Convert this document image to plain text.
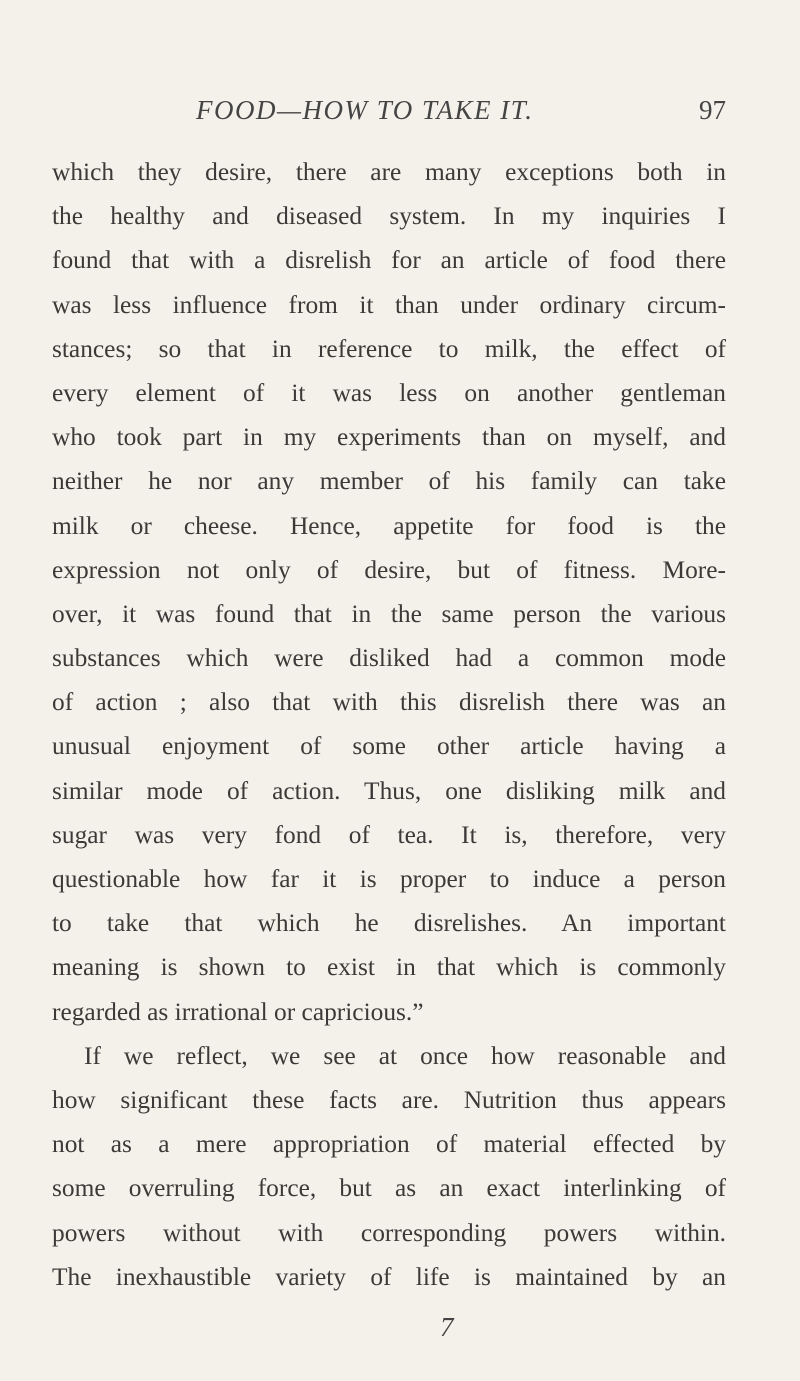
FOOD—HOW TO TAKE IT.	97
which they desire, there are many exceptions both in
the healthy and diseased system. In my inquiries I
found that with a disrelish for an article of food there
was less influence from it than under ordinary circum-
stances; so that in reference to milk, the effect of
every element of it was less on another gentleman
who took part in my experiments than on myself, and
neither he nor any member of his family can take
milk or cheese. Hence, appetite for food is the
expression not only of desire, but of fitness. More-
over, it was found that in the same person the various
substances which were disliked had a common mode
of action ; also that with this disrelish there was an
unusual enjoyment of some other article having a
similar mode of action. Thus, one disliking milk and
sugar was very fond of tea. It is, therefore, very
questionable how far it is proper to induce a person
to take that which he disrelishes. An important
meaning is shown to exist in that which is commonly
regarded as irrational or capricious.”
If we reflect, we see at once how reasonable and
how significant these facts are. Nutrition thus appears
not as a mere appropriation of material effected by
some overruling force, but as an exact interlinking of
powers without with corresponding powers within.
The inexhaustible variety of life is maintained by an
7
